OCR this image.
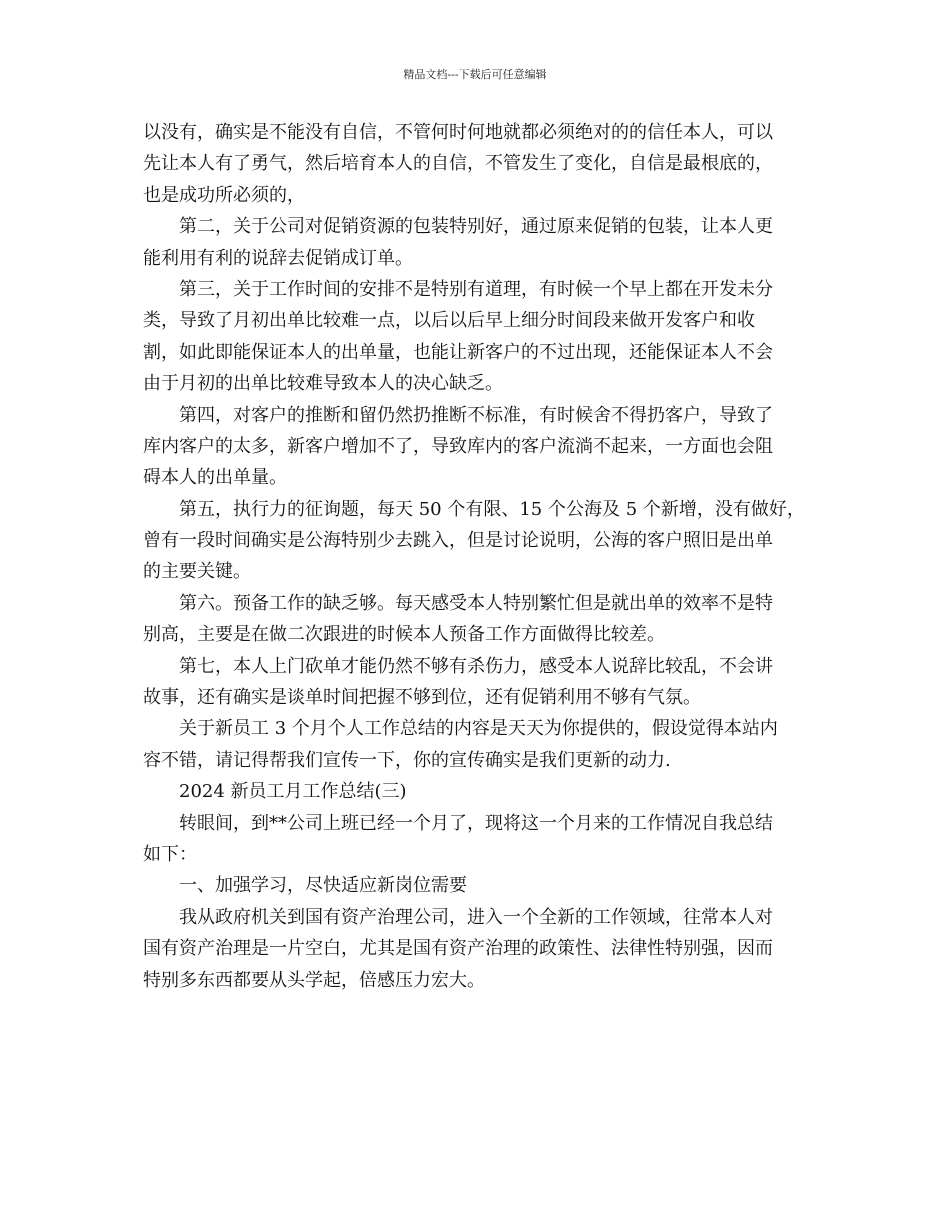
精品文档---下载后可任意编辑
以没有，确实是不能没有自信，不管何时何地就都必须绝对的的信任本人，可以
先让本人有了勇气，然后培育本人的自信，不管发生了变化，自信是最根底的，
也是成功所必须的，
　　第二，关于公司对促销资源的包装特别好，通过原来促销的包装，让本人更
能利用有利的说辞去促销成订单。
　　第三，关于工作时间的安排不是特别有道理，有时候一个早上都在开发未分
类，导致了月初出单比较难一点，以后以后早上细分时间段来做开发客户和收
割，如此即能保证本人的出单量，也能让新客户的不过出现，还能保证本人不会
由于月初的出单比较难导致本人的决心缺乏。
　　第四，对客户的推断和留仍然扔推断不标准，有时候舍不得扔客户，导致了
库内客户的太多，新客户增加不了，导致库内的客户流淌不起来，一方面也会阻
碍本人的出单量。
　　第五，执行力的征询题，每天 50 个有限、15 个公海及 5 个新增，没有做好，
曾有一段时间确实是公海特别少去跳入，但是讨论说明，公海的客户照旧是出单
的主要关键。
　　第六。预备工作的缺乏够。每天感受本人特别繁忙但是就出单的效率不是特
别高，主要是在做二次跟进的时候本人预备工作方面做得比较差。
　　第七，本人上门砍单才能仍然不够有杀伤力，感受本人说辞比较乱，不会讲
故事，还有确实是谈单时间把握不够到位，还有促销利用不够有气氛。
　　关于新员工 3 个月个人工作总结的内容是天天为你提供的，假设觉得本站内
容不错，请记得帮我们宣传一下，你的宣传确实是我们更新的动力.
　　2024 新员工月工作总结(三)
　　转眼间，到**公司上班已经一个月了，现将这一个月来的工作情况自我总结
如下：
　　一、加强学习，尽快适应新岗位需要
　　我从政府机关到国有资产治理公司，进入一个全新的工作领域，往常本人对
国有资产治理是一片空白，尤其是国有资产治理的政策性、法律性特别强，因而
特别多东西都要从头学起，倍感压力宏大。
